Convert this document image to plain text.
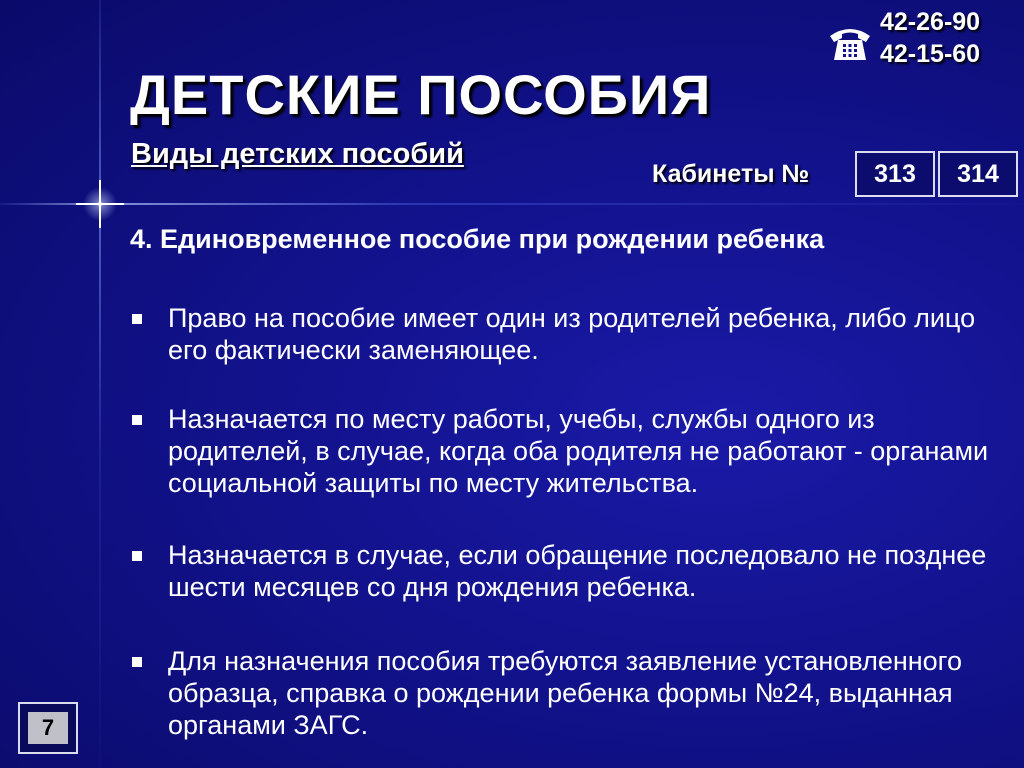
ДЕТСКИЕ ПОСОБИЯ
Виды детских пособий
42-26-90
42-15-60
Кабинеты №	313	314
4. Единовременное пособие при рождении ребенка
Право на пособие имеет один из родителей ребенка, либо лицо его фактически заменяющее.
Назначается по месту работы, учебы, службы одного из родителей, в случае, когда оба родителя не работают - органами социальной защиты по месту жительства.
Назначается в случае, если обращение последовало не позднее шести месяцев со дня рождения ребенка.
Для назначения пособия требуются заявление установленного образца, справка о рождении ребенка формы №24, выданная органами ЗАГС.
7
